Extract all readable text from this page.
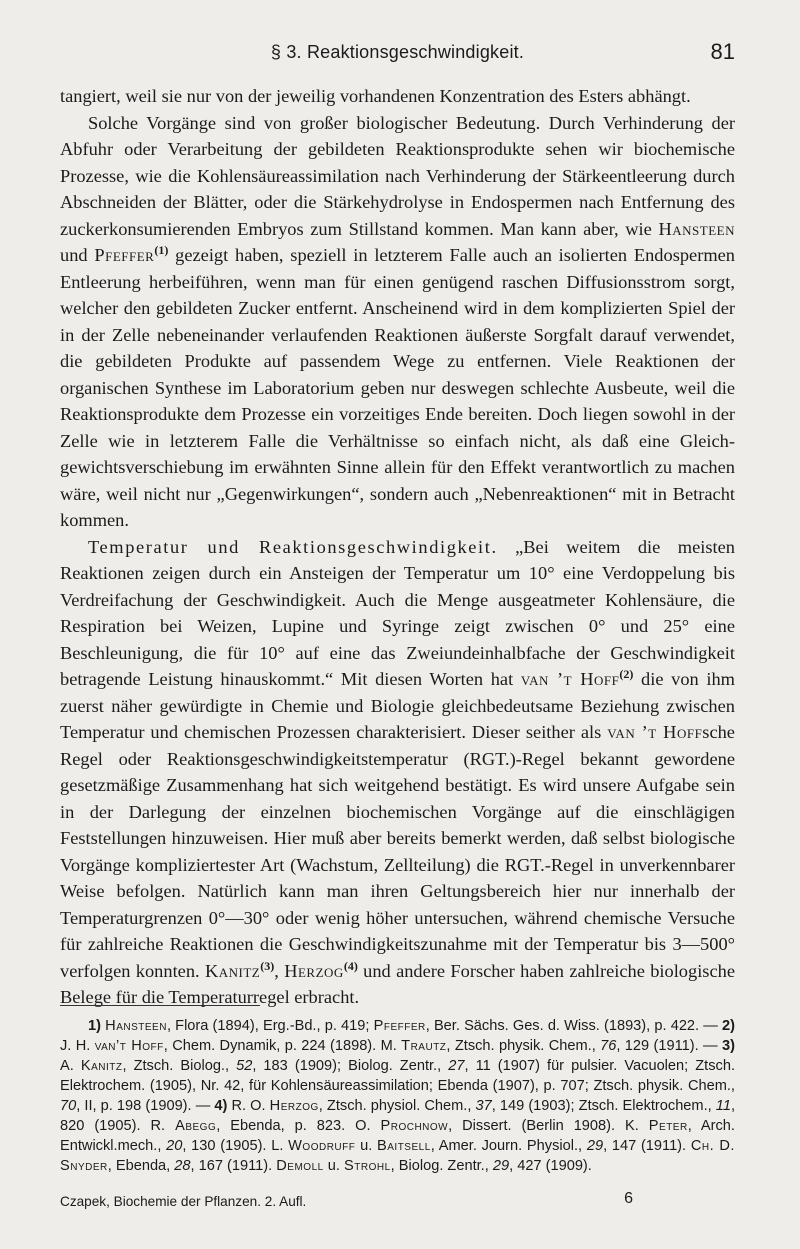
§ 3. Reaktionsgeschwindigkeit.	81

tangiert, weil sie nur von der jeweilig vorhandenen Konzentration des Esters abhängt.

Solche Vorgänge sind von großer biologischer Bedeutung. Durch Verhinderung der Abfuhr oder Verarbeitung der gebildeten Reaktionsprodukte sehen wir biochemische Prozesse, wie die Kohlensäureassimilation nach Verhinderung der Stärkeentleerung durch Abschneiden der Blätter, oder die Stärkehydrolyse in Endospermen nach Entfernung des zuckerkonsumierenden Embryos zum Stillstand kommen. Man kann aber, wie Hansteen und Pfeffer$^{(1)}$ gezeigt haben, speziell in letzterem Falle auch an isolierten Endospermen Entleerung herbeiführen, wenn man für einen genügend raschen Diffusionsstrom sorgt, welcher den gebildeten Zucker entfernt. Anscheinend wird in dem komplizierten Spiel der in der Zelle nebeneinander verlaufenden Reaktionen äußerste Sorgfalt darauf verwendet, die gebildeten Produkte auf passendem Wege zu entfernen. Viele Reaktionen der organischen Synthese im Laboratorium geben nur deswegen schlechte Ausbeute, weil die Reaktionsprodukte dem Prozesse ein vorzeitiges Ende bereiten. Doch liegen sowohl in der Zelle wie in letzterem Falle die Verhältnisse so einfach nicht, als daß eine Gleichgewichtsverschiebung im erwähnten Sinne allein für den Effekt verantwortlich zu machen wäre, weil nicht nur „Gegenwirkungen“, sondern auch „Nebenreaktionen“ mit in Betracht kommen.

Temperatur und Reaktionsgeschwindigkeit. „Bei weitem die meisten Reaktionen zeigen durch ein Ansteigen der Temperatur um 10° eine Verdoppelung bis Verdreifachung der Geschwindigkeit. Auch die Menge ausgeatmeter Kohlensäure, die Respiration bei Weizen, Lupine und Syringe zeigt zwischen 0° und 25° eine Beschleunigung, die für 10° auf eine das Zweiundeinhalbfache der Geschwindigkeit betragende Leistung hinauskommt.“ Mit diesen Worten hat van ’t Hoff$^{(2)}$ die von ihm zuerst näher gewürdigte in Chemie und Biologie gleichbedeutsame Beziehung zwischen Temperatur und chemischen Prozessen charakterisiert. Dieser seither als van ’t Hoffsche Regel oder Reaktionsgeschwindigkeitstemperatur (RGT.)-Regel bekannt gewordene gesetzmäßige Zusammenhang hat sich weitgehend bestätigt. Es wird unsere Aufgabe sein in der Darlegung der einzelnen biochemischen Vorgänge auf die einschlägigen Feststellungen hinzuweisen. Hier muß aber bereits bemerkt werden, daß selbst biologische Vorgänge kompliziertester Art (Wachstum, Zellteilung) die RGT.-Regel in unverkennbarer Weise befolgen. Natürlich kann man ihren Geltungsbereich hier nur innerhalb der Temperaturgrenzen 0°—30° oder wenig höher untersuchen, während chemische Versuche für zahlreiche Reaktionen die Geschwindigkeitszunahme mit der Temperatur bis 3—500° verfolgen konnten. Kanitz$^{(3)}$, Herzog$^{(4)}$ und andere Forscher haben zahlreiche biologische Belege für die Temperaturregel erbracht.

1) Hansteen, Flora (1894), Erg.-Bd., p. 419; Pfeffer, Ber. Sächs. Ges. d. Wiss. (1893), p. 422. — 2) J. H. van’t Hoff, Chem. Dynamik, p. 224 (1898). M. Trautz, Ztsch. physik. Chem., 76, 129 (1911). — 3) A. Kanitz, Ztsch. Biolog., 52, 183 (1909); Biolog. Zentr., 27, 11 (1907) für pulsier. Vacuolen; Ztsch. Elektrochem. (1905), Nr. 42, für Kohlensäureassimilation; Ebenda (1907), p. 707; Ztsch. physik. Chem., 70, II, p. 198 (1909). — 4) R. O. Herzog, Ztsch. physiol. Chem., 37, 149 (1903); Ztsch. Elektrochem., 11, 820 (1905). R. Abegg, Ebenda, p. 823. O. Prochnow, Dissert. (Berlin 1908). K. Peter, Arch. Entwickl.mech., 20, 130 (1905). L. Woodruff u. Baitsell, Amer. Journ. Physiol., 29, 147 (1911). Ch. D. Snyder, Ebenda, 28, 167 (1911). Demoll u. Strohl, Biolog. Zentr., 29, 427 (1909).

Czapek, Biochemie der Pflanzen. 2. Aufl.	6
